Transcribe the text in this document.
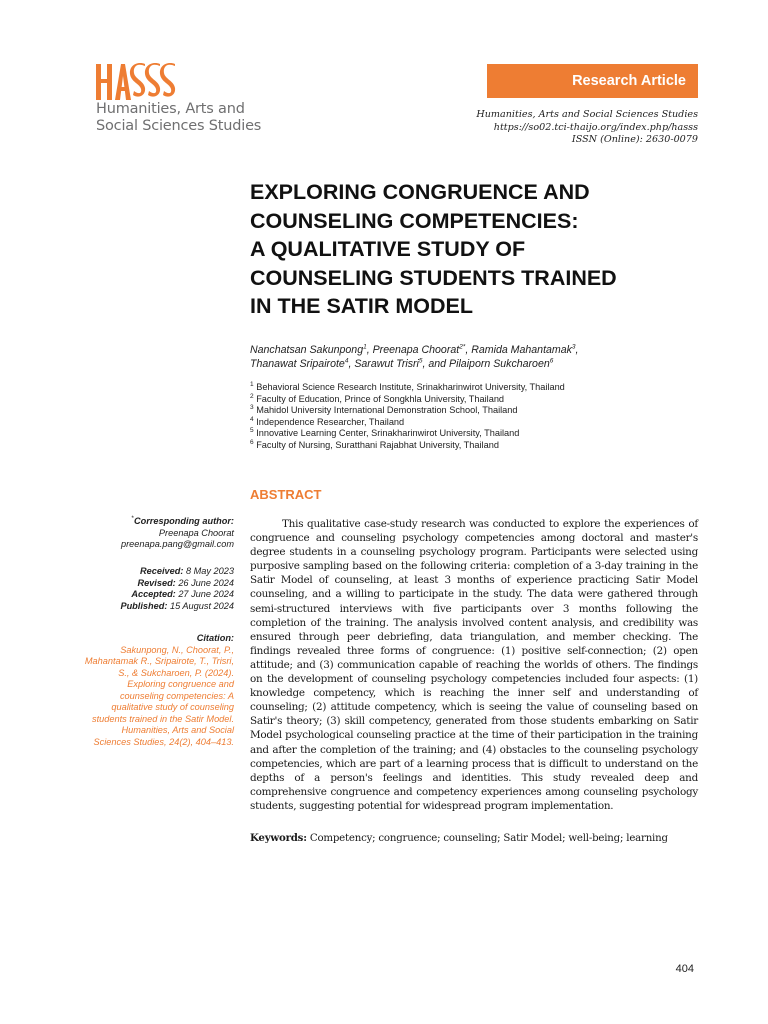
Humanities, Arts and
Social Sciences Studies
Research Article
Humanities, Arts and Social Sciences Studies
https://so02.tci-thaijo.org/index.php/hasss
ISSN (Online): 2630-0079
EXPLORING CONGRUENCE AND
COUNSELING COMPETENCIES:
A QUALITATIVE STUDY OF
COUNSELING STUDENTS TRAINED
IN THE SATIR MODEL
Nanchatsan Sakunpong$^1$, Preenapa Choorat$^{2*}$, Ramida Mahantamak$^3$,
Thanawat Sripairote$^4$, Sarawut Trisri$^5$, and Pilaiporn Sukcharoen$^6$
$^1$ Behavioral Science Research Institute, Srinakharinwirot University, Thailand
$^2$ Faculty of Education, Prince of Songkhla University, Thailand
$^3$ Mahidol University International Demonstration School, Thailand
$^4$ Independence Researcher, Thailand
$^5$ Innovative Learning Center, Srinakharinwirot University, Thailand
$^6$ Faculty of Nursing, Suratthani Rajabhat University, Thailand
ABSTRACT
*Corresponding author:
Preenapa Choorat
preenapa.pang@gmail.com
Received: 8 May 2023
Revised: 26 June 2024
Accepted: 27 June 2024
Published: 15 August 2024
Citation:
Sakunpong, N., Choorat, P., Mahantamak R., Sripairote, T., Trisri, S., & Sukcharoen, P. (2024). Exploring congruence and counseling competencies: A qualitative study of counseling students trained in the Satir Model. Humanities, Arts and Social Sciences Studies, 24(2), 404–413.
This qualitative case-study research was conducted to explore the experiences of congruence and counseling psychology competencies among doctoral and master's degree students in a counseling psychology program. Participants were selected using purposive sampling based on the following criteria: completion of a 3-day training in the Satir Model of counseling, at least 3 months of experience practicing Satir Model counseling, and a willing to participate in the study. The data were gathered through semi-structured interviews with five participants over 3 months following the completion of the training. The analysis involved content analysis, and credibility was ensured through peer debriefing, data triangulation, and member checking. The findings revealed three forms of congruence: (1) positive self-connection; (2) open attitude; and (3) communication capable of reaching the worlds of others. The findings on the development of counseling psychology competencies included four aspects: (1) knowledge competency, which is reaching the inner self and understanding of counseling; (2) attitude competency, which is seeing the value of counseling based on Satir's theory; (3) skill competency, generated from those students embarking on Satir Model psychological counseling practice at the time of their participation in the training and after the completion of the training; and (4) obstacles to the counseling psychology competencies, which are part of a learning process that is difficult to understand on the depths of a person's feelings and identities. This study revealed deep and comprehensive congruence and competency experiences among counseling psychology students, suggesting potential for widespread program implementation.
Keywords: Competency; congruence; counseling; Satir Model; well-being; learning
404
